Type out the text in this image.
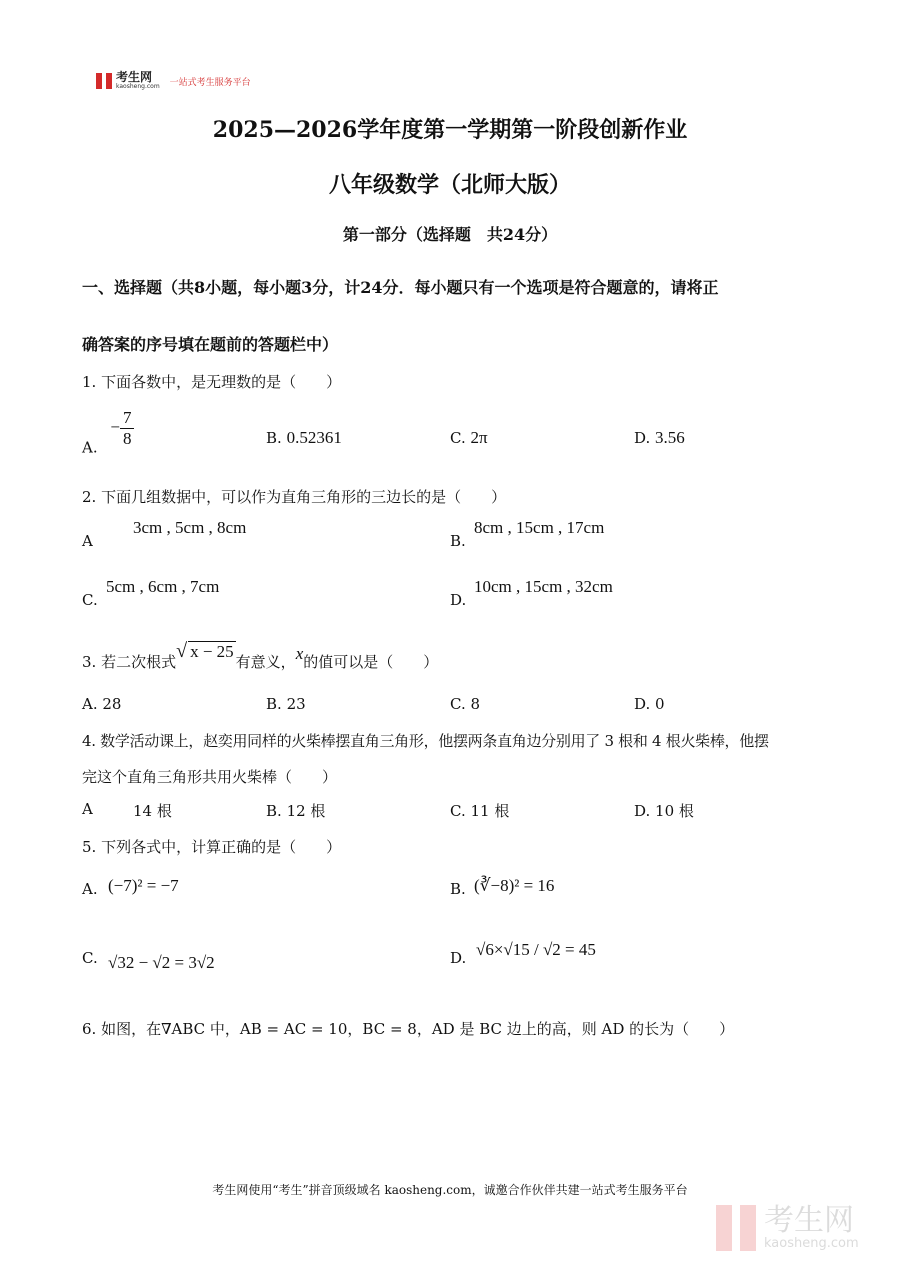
考生网
kaosheng.com 一站式考生服务平台
2025—2026学年度第一学期第一阶段创新作业
八年级数学（北师大版）
第一部分（选择题　共24分）
一、选择题（共8小题，每小题3分，计24分．每小题只有一个选项是符合题意的，请将正
确答案的序号填在题前的答题栏中）
1. 下面各数中，是无理数的是（　　）
A. − $\frac{7}{8}$	B. 0.52361	C. 2π	D. 3.56
2. 下面几组数据中，可以作为直角三角形的三边长的是（　　）
A
3cm , 5cm , 8cm
B.
8cm , 15cm , 17cm
C.
5cm , 6cm , 7cm
D.
10cm , 15cm , 32cm
3. 若二次根式√ x − 25有意义，x的值可以是（　　）
A. 28	B. 23	C. 8	D. 0
4. 数学活动课上，赵奕用同样的火柴棒摆直角三角形，他摆两条直角边分别用了 3 根和 4 根火柴棒，他摆
完这个直角三角形共用火柴棒（　　）
A	14 根	B. 12 根	C. 11 根	D. 10 根
5. 下列各式中，计算正确的是（　　）
A. (−7)² = −7	B. (∛−8)² = 16
C. √32 − √2 = 3√2	D. √6×√15 / √2 = 45
6. 如图，在∇ABC 中，AB = AC = 10，BC = 8，AD 是 BC 边上的高，则 AD 的长为（　　）
考生网使用“考生”拼音顶级域名 kaosheng.com，诚邀合作伙伴共建一站式考生服务平台
考生网
kaosheng.com
